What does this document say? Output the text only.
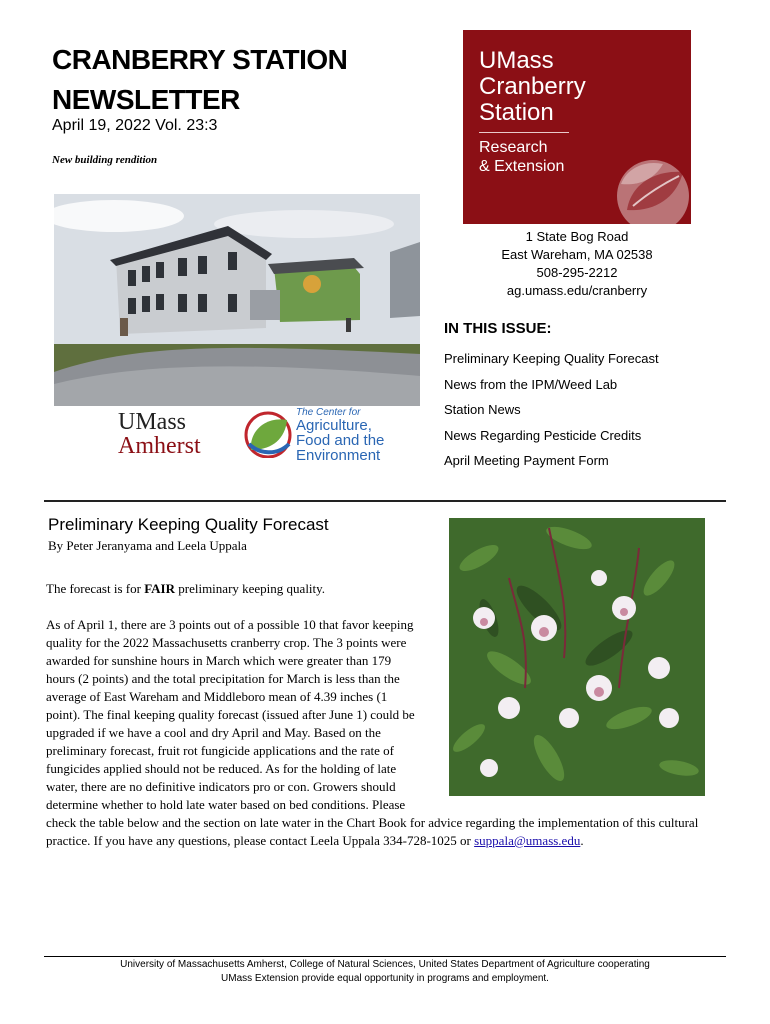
CRANBERRY STATION NEWSLETTER
April 19, 2022 Vol. 23:3
New building rendition
UMass
Cranberry
Station
Research
& Extension
1 State Bog Road
East Wareham, MA 02538
508-295-2212
ag.umass.edu/cranberry
UMass
Amherst
The Center for
Agriculture,
Food and the
Environment
IN THIS ISSUE:
Preliminary Keeping Quality Forecast
News from the IPM/Weed Lab
Station News
News Regarding Pesticide Credits
April Meeting Payment Form
Preliminary Keeping Quality Forecast
By Peter Jeranyama and Leela Uppala

The forecast is for FAIR preliminary keeping quality.

As of April 1, there are 3 points out of a possible 10 that favor keeping quality for the 2022 Massachusetts cranberry crop. The 3 points were awarded for sunshine hours in March which were greater than 179 hours (2 points) and the total precipitation for March is less than the average of East Wareham and Middleboro mean of 4.39 inches (1 point). The final keeping quality forecast (issued after June 1) could be upgraded if we have a cool and dry April and May. Based on the preliminary forecast, fruit rot fungicide applications and the rate of fungicides applied should not be reduced. As for the holding of late water, there are no definitive indicators pro or con. Growers should determine whether to hold late water based on bed conditions. Please check the table below and the section on late water in the Chart Book for advice regarding the implementation of this cultural practice. If you have any questions, please contact Leela Uppala 334-728-1025 or suppala@umass.edu.

University of Massachusetts Amherst, College of Natural Sciences, United States Department of Agriculture cooperating
UMass Extension provide equal opportunity in programs and employment.
